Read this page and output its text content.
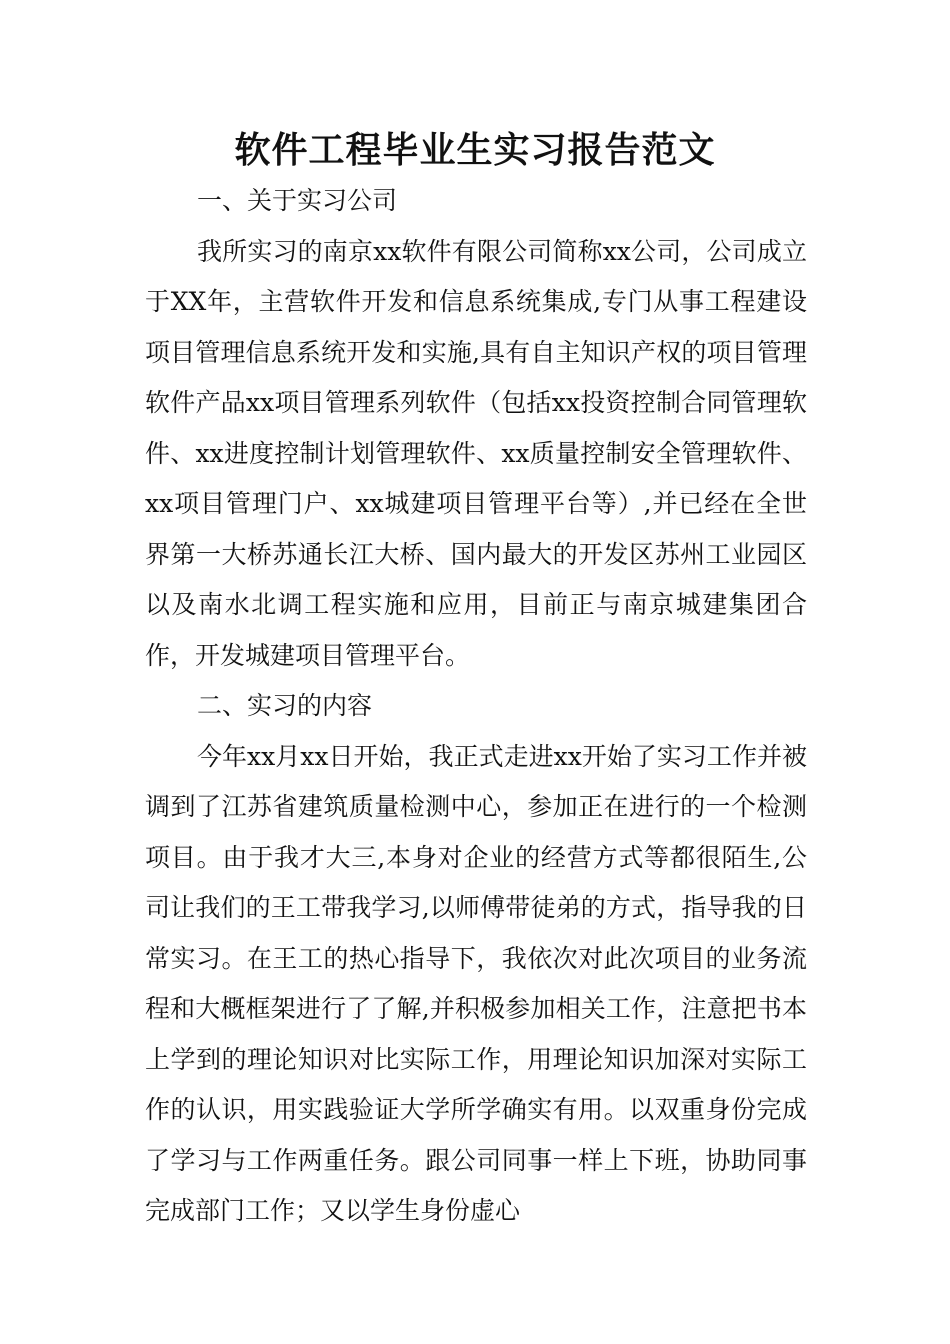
软件工程毕业生实习报告范文

一、关于实习公司

我所实习的南京xx软件有限公司简称xx公司，公司成立于XX年，主营软件开发和信息系统集成,专门从事工程建设项目管理信息系统开发和实施,具有自主知识产权的项目管理软件产品xx项目管理系列软件（包括xx投资控制合同管理软件、xx进度控制计划管理软件、xx质量控制安全管理软件、xx项目管理门户、xx城建项目管理平台等）,并已经在全世界第一大桥苏通长江大桥、国内最大的开发区苏州工业园区以及南水北调工程实施和应用，目前正与南京城建集团合作，开发城建项目管理平台。

二、实习的内容

今年xx月xx日开始，我正式走进xx开始了实习工作并被调到了江苏省建筑质量检测中心，参加正在进行的一个检测项目。由于我才大三,本身对企业的经营方式等都很陌生,公司让我们的王工带我学习,以师傅带徒弟的方式，指导我的日常实习。在王工的热心指导下，我依次对此次项目的业务流程和大概框架进行了了解,并积极参加相关工作，注意把书本上学到的理论知识对比实际工作，用理论知识加深对实际工作的认识，用实践验证大学所学确实有用。以双重身份完成了学习与工作两重任务。跟公司同事一样上下班，协助同事完成部门工作；又以学生身份虚心
